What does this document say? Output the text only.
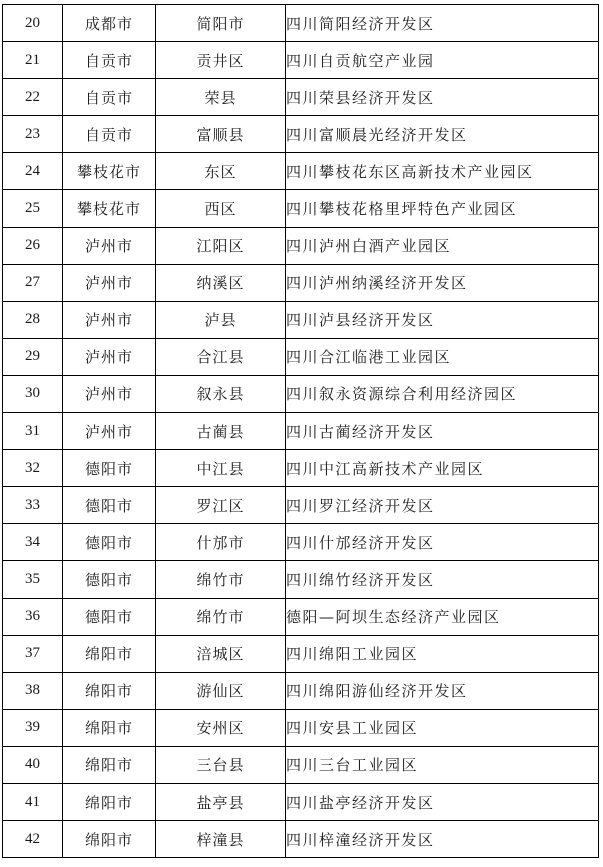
20	成都市	简阳市	四川简阳经济开发区
21	自贡市	贡井区	四川自贡航空产业园
22	自贡市	荣县	四川荣县经济开发区
23	自贡市	富顺县	四川富顺晨光经济开发区
24	攀枝花市	东区	四川攀枝花东区高新技术产业园区
25	攀枝花市	西区	四川攀枝花格里坪特色产业园区
26	泸州市	江阳区	四川泸州白酒产业园区
27	泸州市	纳溪区	四川泸州纳溪经济开发区
28	泸州市	泸县	四川泸县经济开发区
29	泸州市	合江县	四川合江临港工业园区
30	泸州市	叙永县	四川叙永资源综合利用经济园区
31	泸州市	古蔺县	四川古蔺经济开发区
32	德阳市	中江县	四川中江高新技术产业园区
33	德阳市	罗江区	四川罗江经济开发区
34	德阳市	什邡市	四川什邡经济开发区
35	德阳市	绵竹市	四川绵竹经济开发区
36	德阳市	绵竹市	德阳—阿坝生态经济产业园区
37	绵阳市	涪城区	四川绵阳工业园区
38	绵阳市	游仙区	四川绵阳游仙经济开发区
39	绵阳市	安州区	四川安县工业园区
40	绵阳市	三台县	四川三台工业园区
41	绵阳市	盐亭县	四川盐亭经济开发区
42	绵阳市	梓潼县	四川梓潼经济开发区
